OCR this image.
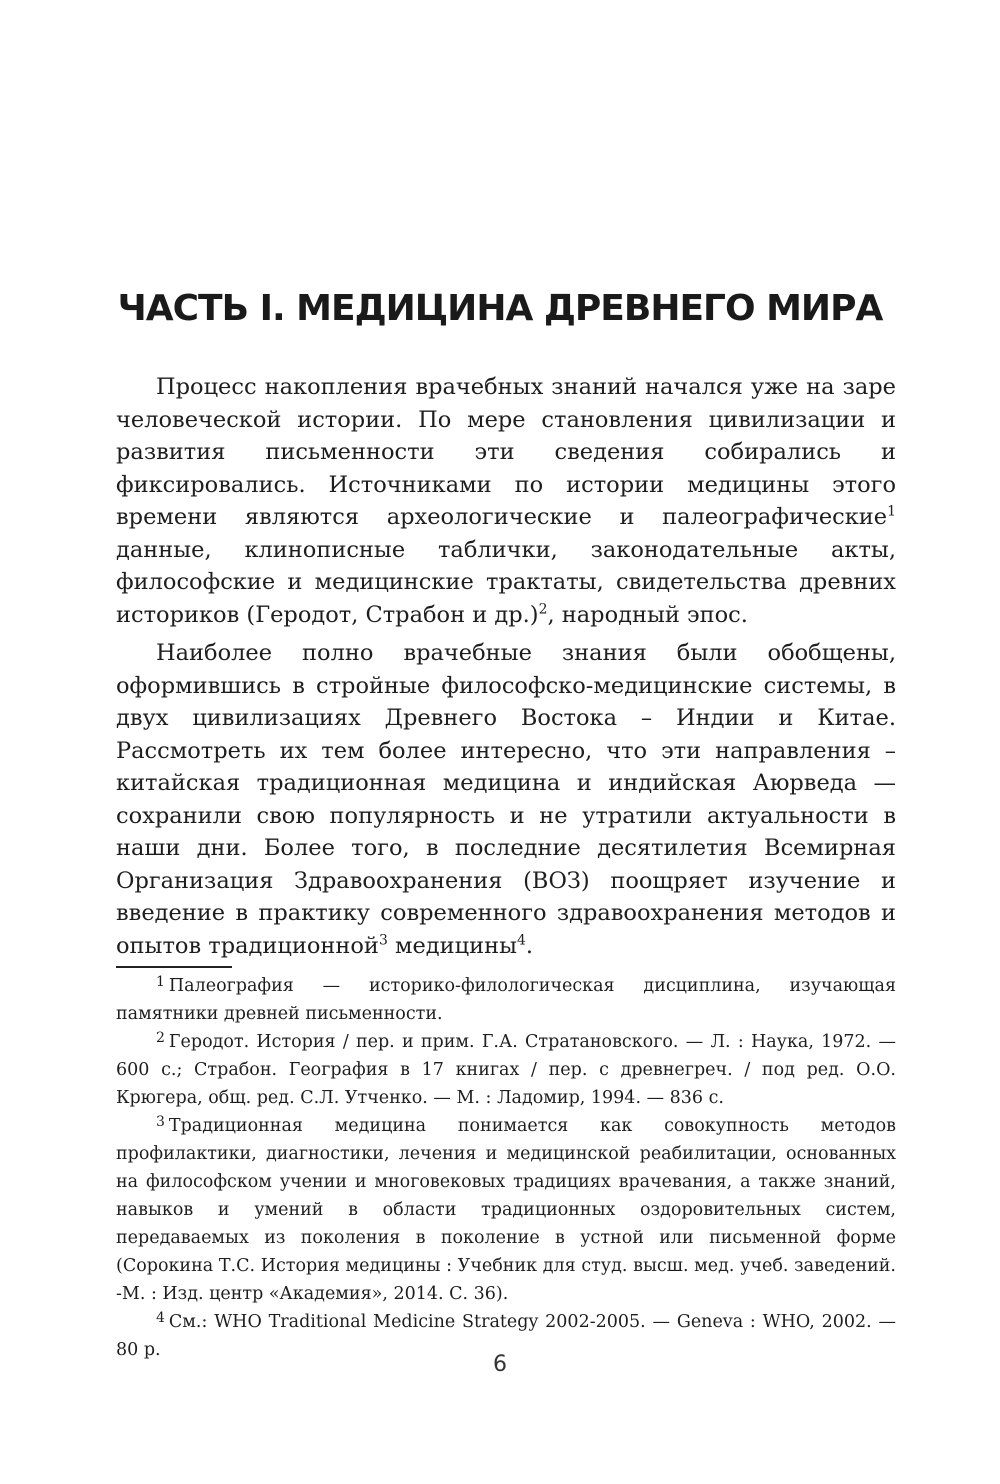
ЧАСТЬ I. МЕДИЦИНА ДРЕВНЕГО МИРА

Процесс накопления врачебных знаний начался уже на заре человеческой истории. По мере становления цивилизации и развития письменности эти сведения собирались и фиксировались. Источниками по истории медицины этого времени являются археологические и палеографические$^1$ данные, клинописные таблички, законодательные акты, философские и медицинские трактаты, свидетельства древних историков (Геродот, Страбон и др.)$^2$, народный эпос.

Наиболее полно врачебные знания были обобщены, оформившись в стройные философско-медицинские системы, в двух цивилизациях Древнего Востока – Индии и Китае. Рассмотреть их тем более интересно, что эти направления – китайская традиционная медицина и индийская Аюрведа — сохранили свою популярность и не утратили актуальности в наши дни. Более того, в последние десятилетия Всемирная Организация Здравоохранения (ВОЗ) поощряет изучение и введение в практику современного здравоохранения методов и опытов традиционной$^3$ медицины$^4$.

$^1$ Палеография — историко-филологическая дисциплина, изучающая памятники древней письменности.

$^2$ Геродот. История / пер. и прим. Г.А. Стратановского. — Л. : Наука, 1972. — 600 с.; Страбон. География в 17 книгах / пер. с древнегреч. / под ред. О.О. Крюгера, общ. ред. С.Л. Утченко. — М. : Ладомир, 1994. — 836 с.

$^3$ Традиционная медицина понимается как совокупность методов профилактики, диагностики, лечения и медицинской реабилитации, основанных на философском учении и многовековых традициях врачевания, а также знаний, навыков и умений в области традиционных оздоровительных систем, передаваемых из поколения в поколение в устной или письменной форме (Сорокина Т.С. История медицины : Учебник для студ. высш. мед. учеб. заведений. -М. : Изд. центр «Академия», 2014. С. 36).

$^4$ См.: WHO Traditional Medicine Strategy 2002-2005. — Geneva : WHO, 2002. — 80 p.

6
